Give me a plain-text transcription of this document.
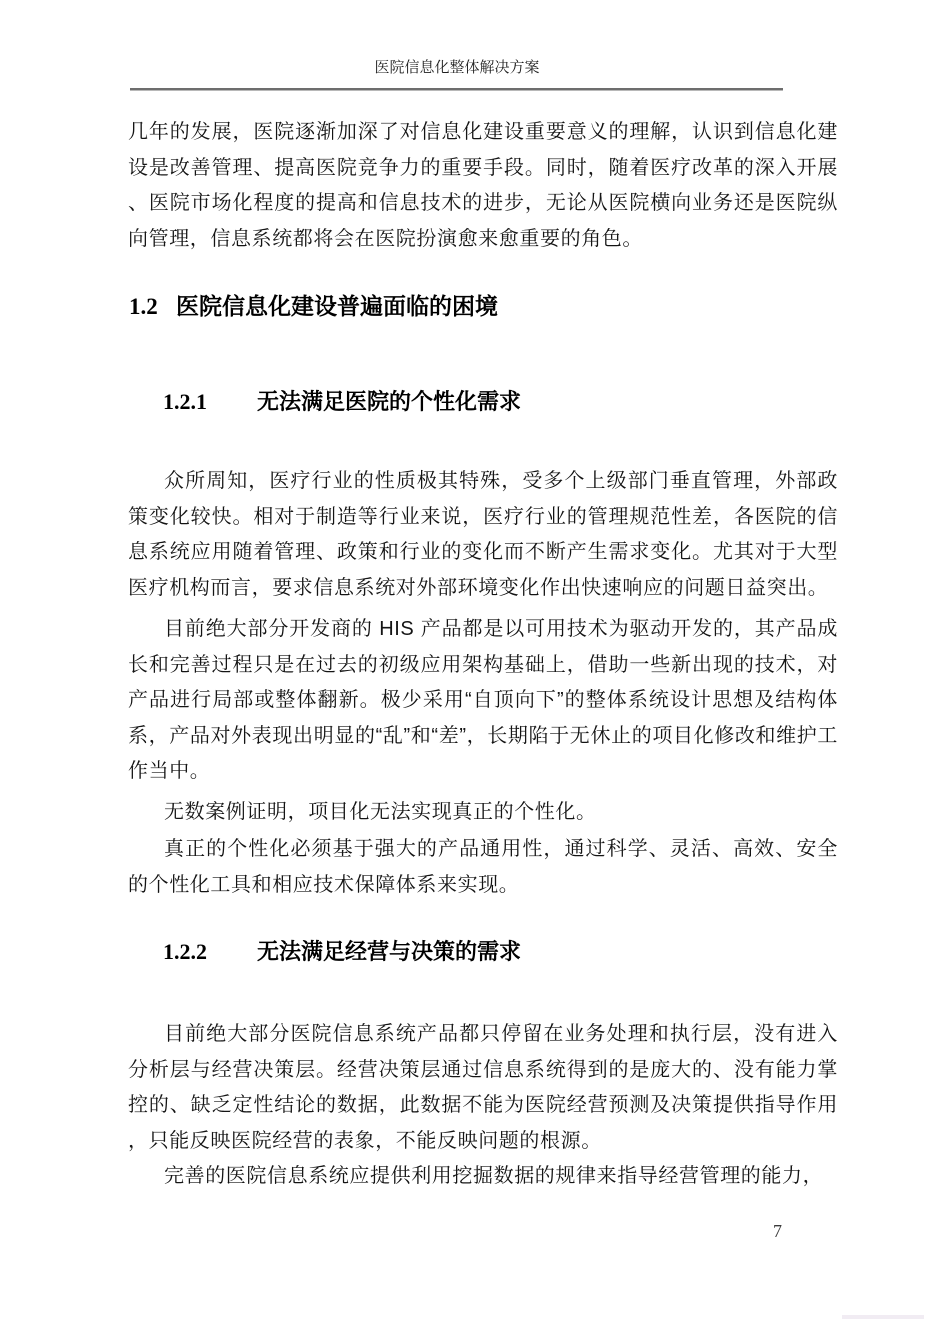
医院信息化整体解决方案
几年的发展，医院逐渐加深了对信息化建设重要意义的理解，认识到信息化建设是改善管理、提高医院竞争力的重要手段。同时，随着医疗改革的深入开展、医院市场化程度的提高和信息技术的进步，无论从医院横向业务还是医院纵向管理，信息系统都将会在医院扮演愈来愈重要的角色。
1.2 医院信息化建设普遍面临的困境
1.2.1 无法满足医院的个性化需求
众所周知，医疗行业的性质极其特殊，受多个上级部门垂直管理，外部政策变化较快。相对于制造等行业来说，医疗行业的管理规范性差，各医院的信息系统应用随着管理、政策和行业的变化而不断产生需求变化。尤其对于大型医疗机构而言，要求信息系统对外部环境变化作出快速响应的问题日益突出。
目前绝大部分开发商的 HIS 产品都是以可用技术为驱动开发的，其产品成长和完善过程只是在过去的初级应用架构基础上，借助一些新出现的技术，对产品进行局部或整体翻新。极少采用“自顶向下”的整体系统设计思想及结构体系，产品对外表现出明显的“乱”和“差”，长期陷于无休止的项目化修改和维护工作当中。
无数案例证明，项目化无法实现真正的个性化。
真正的个性化必须基于强大的产品通用性，通过科学、灵活、高效、安全的个性化工具和相应技术保障体系来实现。
1.2.2 无法满足经营与决策的需求
目前绝大部分医院信息系统产品都只停留在业务处理和执行层，没有进入分析层与经营决策层。经营决策层通过信息系统得到的是庞大的、没有能力掌控的、缺乏定性结论的数据，此数据不能为医院经营预测及决策提供指导作用，只能反映医院经营的表象，不能反映问题的根源。
完善的医院信息系统应提供利用挖掘数据的规律来指导经营管理的能力，
7
